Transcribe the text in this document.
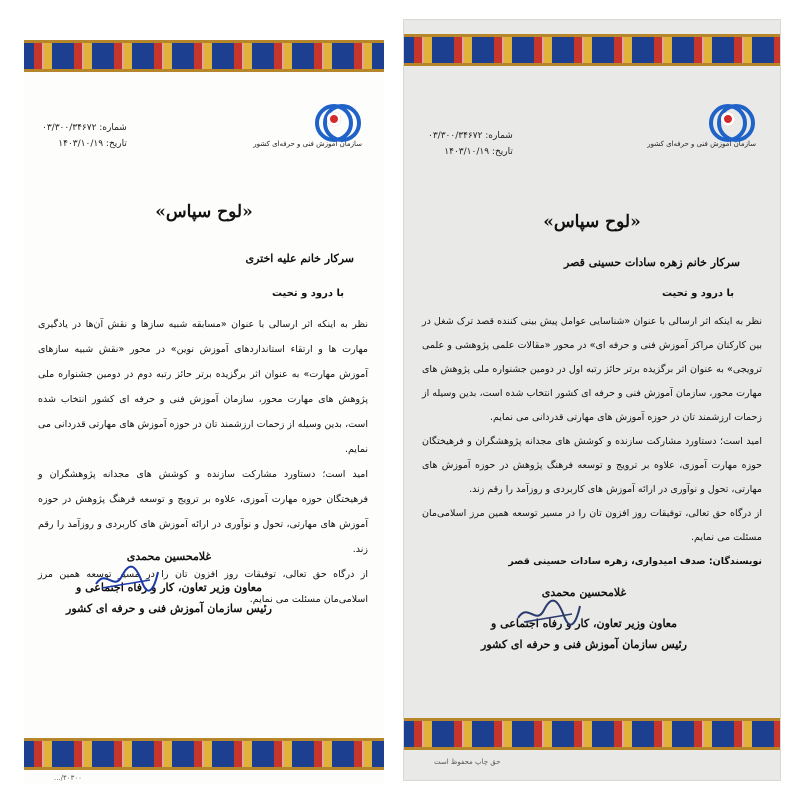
سازمان آموزش فنی و حرفه‌ای کشور
شماره: ۰۳/۳۰۰/۳۴۶۷۲
تاریخ: ۱۴۰۳/۱۰/۱۹
«لوح سپاس»
سرکار خانم علیه اختری
با درود و تحیت

نظر به اینکه اثر ارسالی با عنوان «مسابقه شبیه سازها و نقش آن‌ها در یادگیری مهارت ها و ارتقاء استانداردهای آموزش نوین» در محور «نقش شبیه سازهای آموزش مهارت» به عنوان اثر برگزیده برتر حائز رتبه دوم در دومین جشنواره ملی پژوهش های مهارت محور، سازمان آموزش فنی و حرفه ای کشور انتخاب شده است، بدین وسیله از زحمات ارزشمند تان در حوزه آموزش های مهارتی قدردانی می نمایم.

امید است؛ دستاورد مشارکت سازنده و کوشش های مجدانه پژوهشگران و فرهیختگان حوزه مهارت آموزی، علاوه بر ترویج و توسعه فرهنگ پژوهش در حوزه آموزش های مهارتی، تحول و نوآوری در ارائه آموزش های کاربردی و روزآمد را رقم زند.

از درگاه حق تعالی، توفیقات روز افزون تان را در مسیر توسعه همین مرز اسلامی‌مان مسئلت می نمایم.

غلامحسین محمدی
معاون وزیر تعاون، کار و رفاه اجتماعی و
رئیس سازمان آموزش فنی و حرفه ای کشور
۴۰۳۰۰/...
سازمان آموزش فنی و حرفه‌ای کشور
شماره: ۰۳/۳۰۰/۳۴۶۷۲
تاریخ: ۱۴۰۳/۱۰/۱۹
«لوح سپاس»
سرکار خانم زهره سادات حسینی قصر
با درود و تحیت

نظر به اینکه اثر ارسالی با عنوان «شناسایی عوامل پیش بینی کننده قصد ترک شغل در بین کارکنان مراکز آموزش فنی و حرفه ای» در محور «مقالات علمی پژوهشی و علمی ترویجی» به عنوان اثر برگزیده برتر حائز رتبه اول در دومین جشنواره ملی پژوهش های مهارت محور، سازمان آموزش فنی و حرفه ای کشور انتخاب شده است، بدین وسیله از زحمات ارزشمند تان در حوزه آموزش های مهارتی قدردانی می نمایم.

امید است؛ دستاورد مشارکت سازنده و کوشش های مجدانه پژوهشگران و فرهیختگان حوزه مهارت آموزی، علاوه بر ترویج و توسعه فرهنگ پژوهش در حوزه آموزش های مهارتی، تحول و نوآوری در ارائه آموزش های کاربردی و روزآمد را رقم زند.

از درگاه حق تعالی، توفیقات روز افزون تان را در مسیر توسعه همین مرز اسلامی‌مان مسئلت می نمایم.

نویسندگان: صدف امیدواری، زهره سادات حسینی قصر

غلامحسین محمدی
معاون وزیر تعاون، کار و رفاه اجتماعی و
رئیس سازمان آموزش فنی و حرفه ای کشور
حق چاپ محفوظ است
